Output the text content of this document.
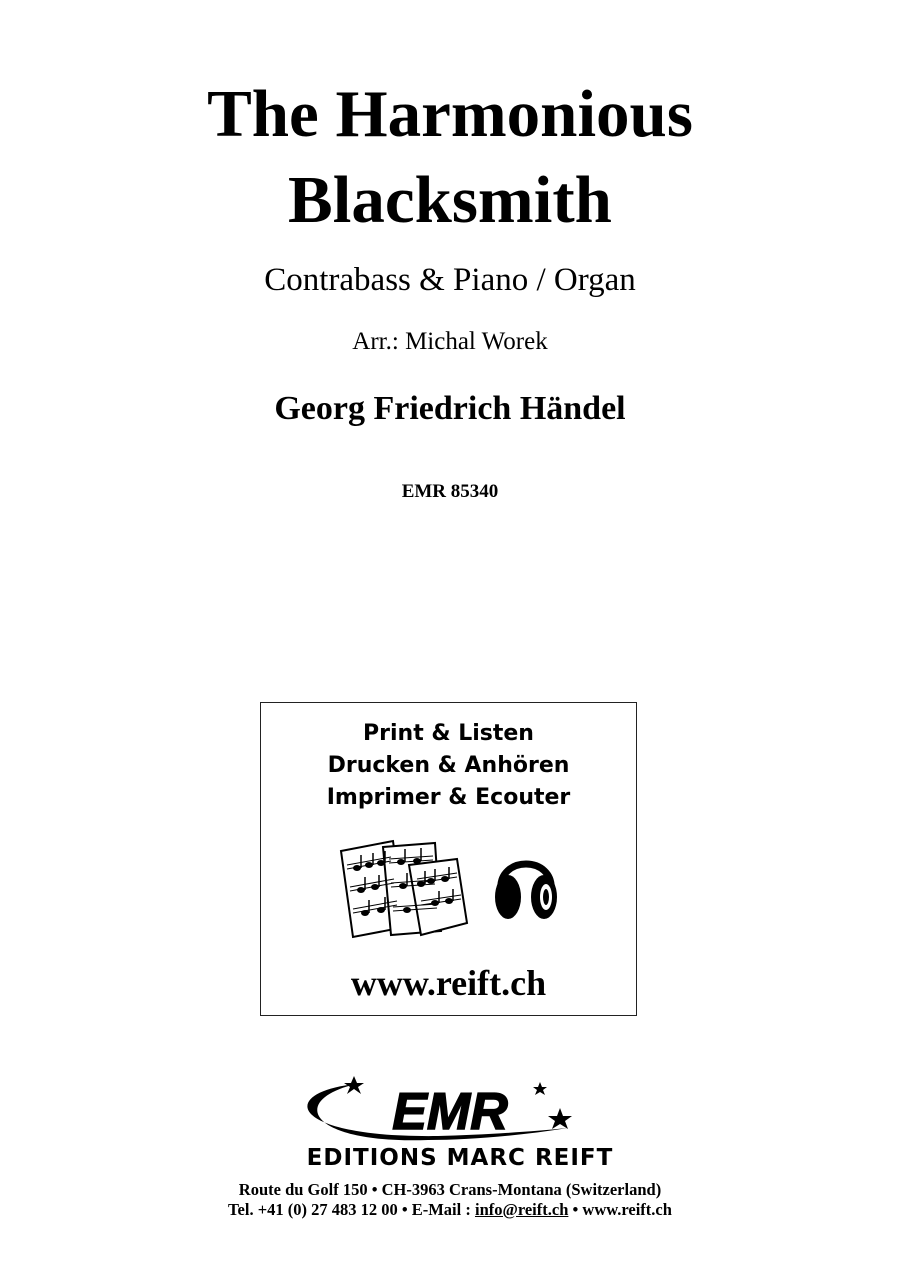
The Harmonious
Blacksmith
Contrabass & Piano / Organ
Arr.: Michal Worek
Georg Friedrich Händel
EMR 85340
Print & Listen
Drucken & Anhören
Imprimer & Ecouter
www.reift.ch
EMR
EDITIONS MARC REIFT
Route du Golf 150 • CH-3963 Crans-Montana (Switzerland)
Tel. +41 (0) 27 483 12 00 • E-Mail : info@reift.ch • www.reift.ch
